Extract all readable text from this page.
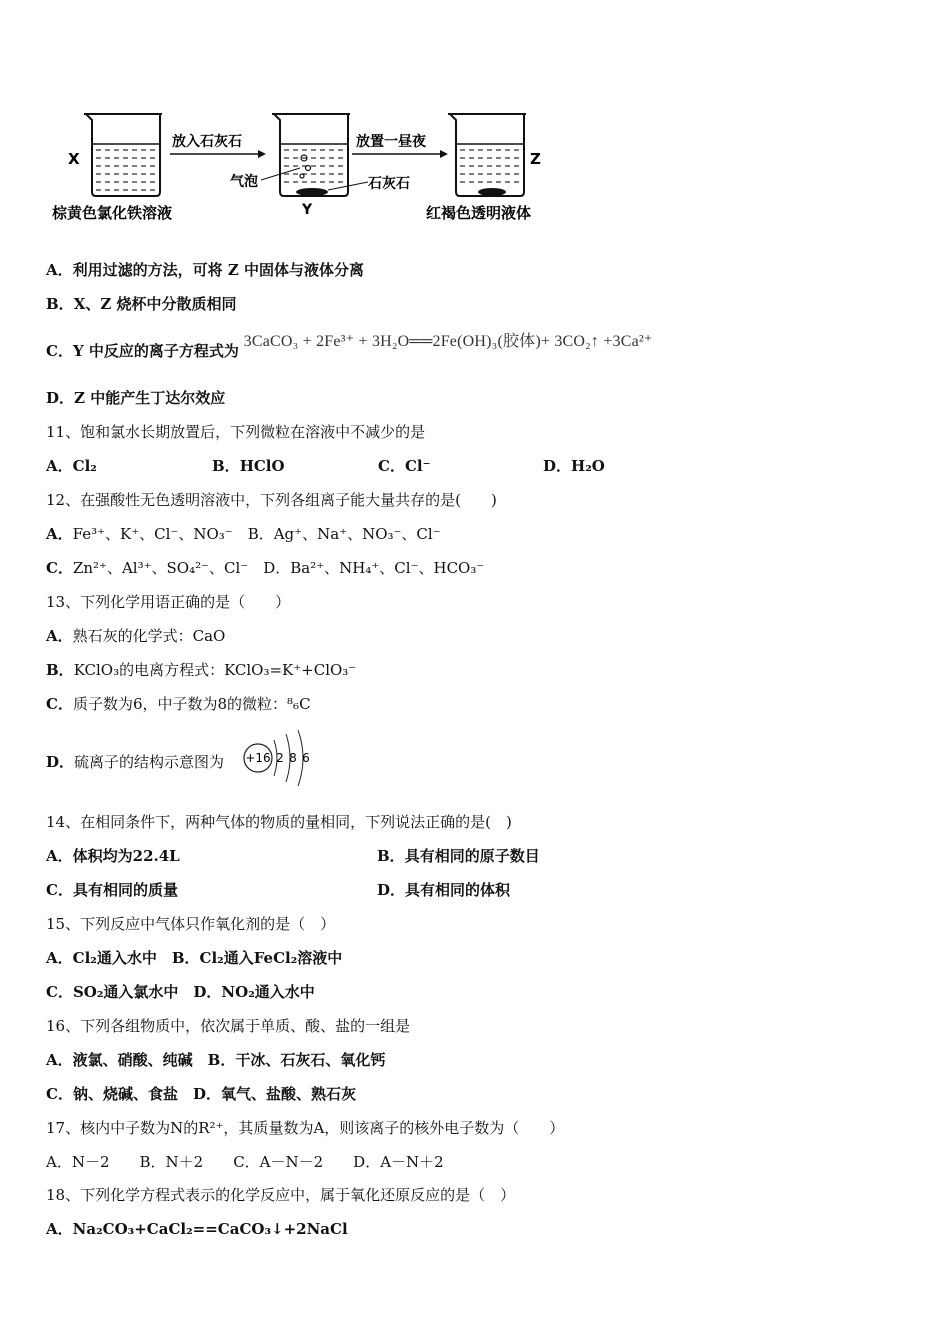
X
放入石灰石
气泡
Y
石灰石
放置一昼夜
Z
棕黄色氯化铁溶液	红褐色透明液体
A．利用过滤的方法，可将 Z 中固体与液体分离
B．X、Z 烧杯中分散质相同
C．Y 中反应的离子方程式为 3CaCO₃ + 2Fe³⁺ + 3H₂O══2Fe(OH)₃(胶体)+ 3CO₂↑ +3Ca²⁺
D．Z 中能产生丁达尔效应
11、饱和氯水长期放置后，下列微粒在溶液中不减少的是
A．Cl₂	B．HClO	C．Cl⁻	D．H₂O
12、在强酸性无色透明溶液中，下列各组离子能大量共存的是(　　)
A．Fe³⁺、K⁺、Cl⁻、NO₃⁻　B．Ag⁺、Na⁺、NO₃⁻、Cl⁻
C．Zn²⁺、Al³⁺、SO₄²⁻、Cl⁻　D．Ba²⁺、NH₄⁺、Cl⁻、HCO₃⁻
13、下列化学用语正确的是（　　）
A．熟石灰的化学式：CaO
B．KClO₃的电离方程式：KClO₃=K⁺+ClO₃⁻
C．质子数为6，中子数为8的微粒：⁸₆C
D．硫离子的结构示意图为 +16 2 8 6
14、在相同条件下，两种气体的物质的量相同，下列说法正确的是(　)
A．体积均为22.4L	B．具有相同的原子数目
C．具有相同的质量	D．具有相同的体积
15、下列反应中气体只作氧化剂的是（　）
A．Cl₂通入水中　B．Cl₂通入FeCl₂溶液中
C．SO₂通入氯水中　D．NO₂通入水中
16、下列各组物质中，依次属于单质、酸、盐的一组是
A．液氯、硝酸、纯碱　B．干冰、石灰石、氧化钙
C．钠、烧碱、食盐　D．氧气、盐酸、熟石灰
17、核内中子数为N的R²⁺，其质量数为A，则该离子的核外电子数为（　　）
A．N－2　　B．N＋2　　C．A－N－2　　D．A－N＋2
18、下列化学方程式表示的化学反应中，属于氧化还原反应的是（　）
A．Na₂CO₃+CaCl₂==CaCO₃↓+2NaCl
